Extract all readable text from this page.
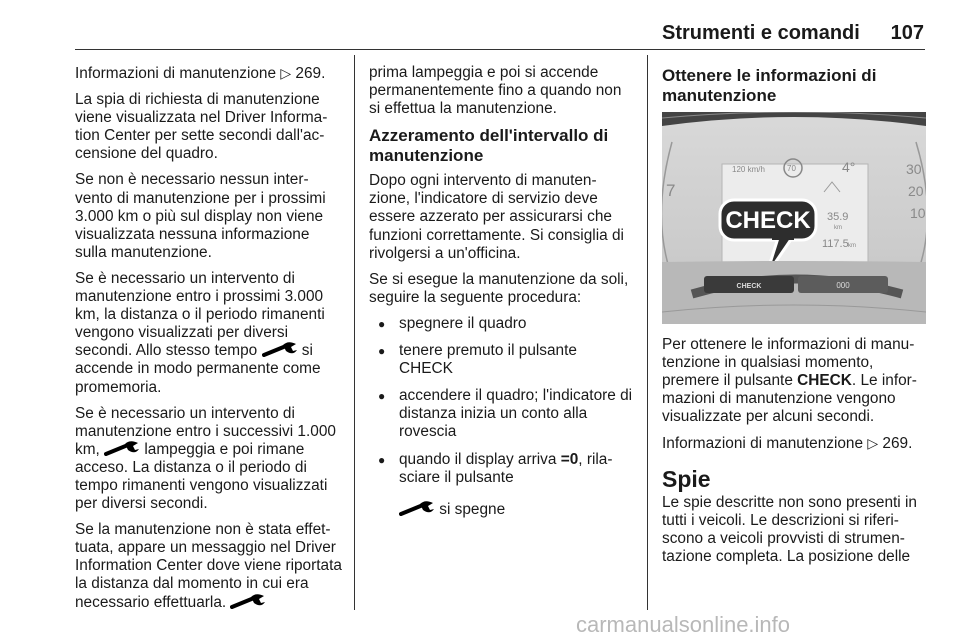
Strumenti e comandi 107

Informazioni di manutenzione ▷ 269.

La spia di richiesta di manutenzione viene visualizzata nel Driver Informa-tion Center per sette secondi dall'ac-censione del quadro.

Se non è necessario nessun inter-vento di manutenzione per i prossimi 3.000 km o più sul display non viene visualizzata nessuna informazione sulla manutenzione.

Se è necessario un intervento di manutenzione entro i prossimi 3.000 km, la distanza o il periodo rimanenti vengono visualizzati per diversi secondi. Allo stesso tempo  si accende in modo permanente come promemoria.

Se è necessario un intervento di manutenzione entro i successivi 1.000 km,  lampeggia e poi rimane acceso. La distanza o il periodo di tempo rimanenti vengono visualizzati per diversi secondi.

Se la manutenzione non è stata effet-tuata, appare un messaggio nel Driver Information Center dove viene riportata la distanza dal momento in cui era necessario effettuarla.

prima lampeggia e poi si accende permanentemente fino a quando non si effettua la manutenzione.

Azzeramento dell'intervallo di manutenzione

Dopo ogni intervento di manuten-zione, l'indicatore di servizio deve essere azzerato per assicurarsi che funzioni correttamente. Si consiglia di rivolgersi a un'officina.

Se si esegue la manutenzione da soli, seguire la seguente procedura:

● spegnere il quadro
● tenere premuto il pulsante CHECK
● accendere il quadro; l'indicatore di distanza inizia un conto alla rovescia
● quando il display arriva =0, rila-sciare il pulsante
si spegne
Ottenere le informazioni di manutenzione
7
30
20
10
120 km/h	70	4°
35.9
km
117.5 km
CHECK
CHECK	000

Per ottenere le informazioni di manu-tenzione in qualsiasi momento, premere il pulsante CHECK. Le infor-mazioni di manutenzione vengono visualizzate per alcuni secondi.

Informazioni di manutenzione ▷ 269.

Spie

Le spie descritte non sono presenti in tutti i veicoli. Le descrizioni si riferi-scono a veicoli provvisti di strumen-tazione completa. La posizione delle

carmanualsonline.info
